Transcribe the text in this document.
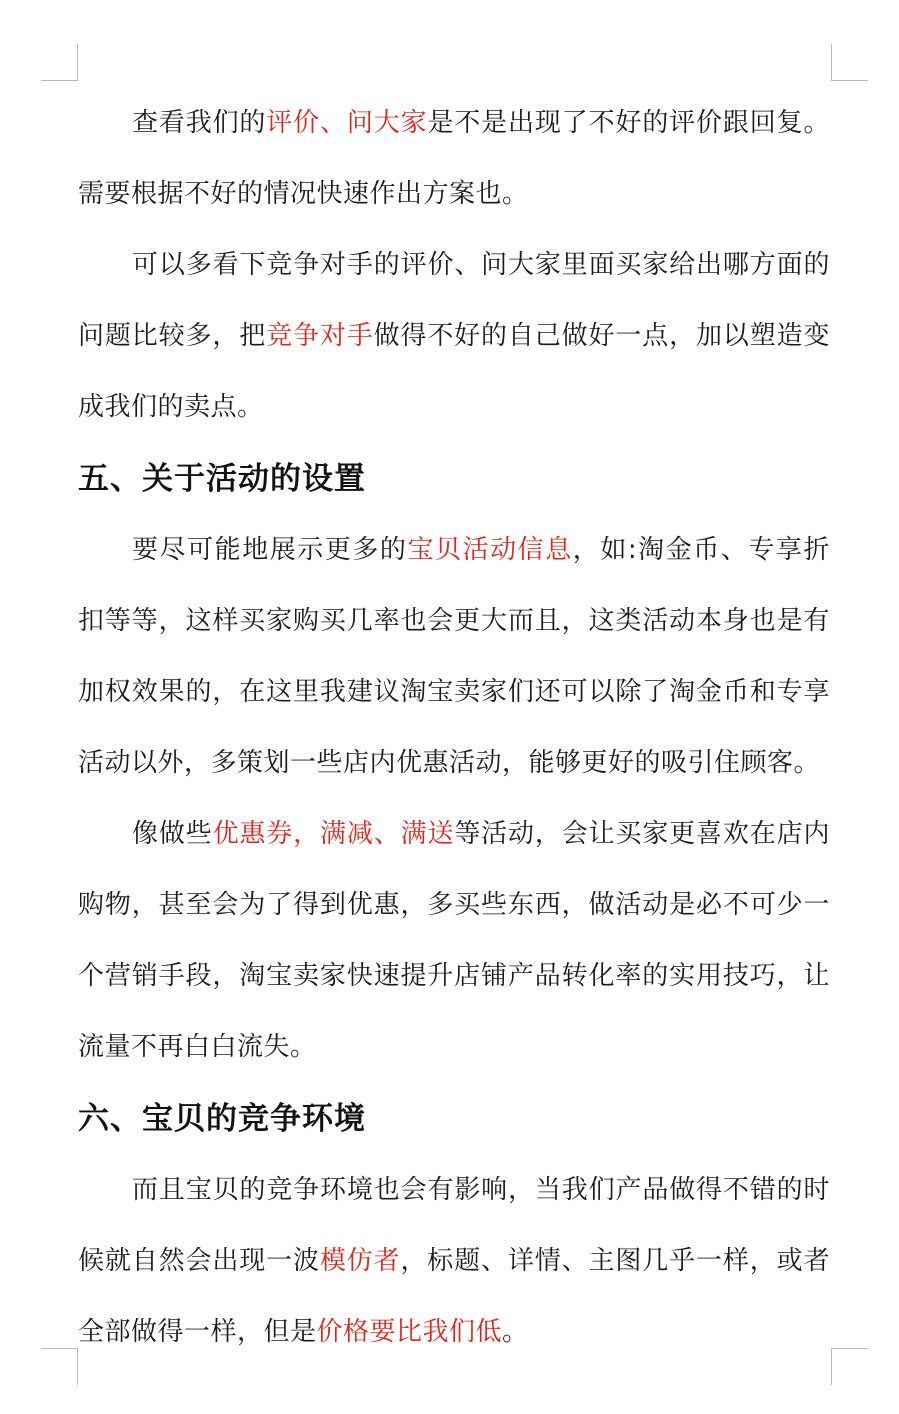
查看我们的评价、问大家是不是出现了不好的评价跟回复。需要根据不好的情况快速作出方案也。

可以多看下竞争对手的评价、问大家里面买家给出哪方面的问题比较多，把竞争对手做得不好的自己做好一点，加以塑造变成我们的卖点。

五、关于活动的设置

要尽可能地展示更多的宝贝活动信息，如:淘金币、专享折扣等等，这样买家购买几率也会更大而且，这类活动本身也是有加权效果的，在这里我建议淘宝卖家们还可以除了淘金币和专享活动以外，多策划一些店内优惠活动，能够更好的吸引住顾客。

像做些优惠券，满减、满送等活动，会让买家更喜欢在店内购物，甚至会为了得到优惠，多买些东西，做活动是必不可少一个营销手段，淘宝卖家快速提升店铺产品转化率的实用技巧，让流量不再白白流失。

六、宝贝的竞争环境

而且宝贝的竞争环境也会有影响，当我们产品做得不错的时候就自然会出现一波模仿者，标题、详情、主图几乎一样，或者全部做得一样，但是价格要比我们低。
